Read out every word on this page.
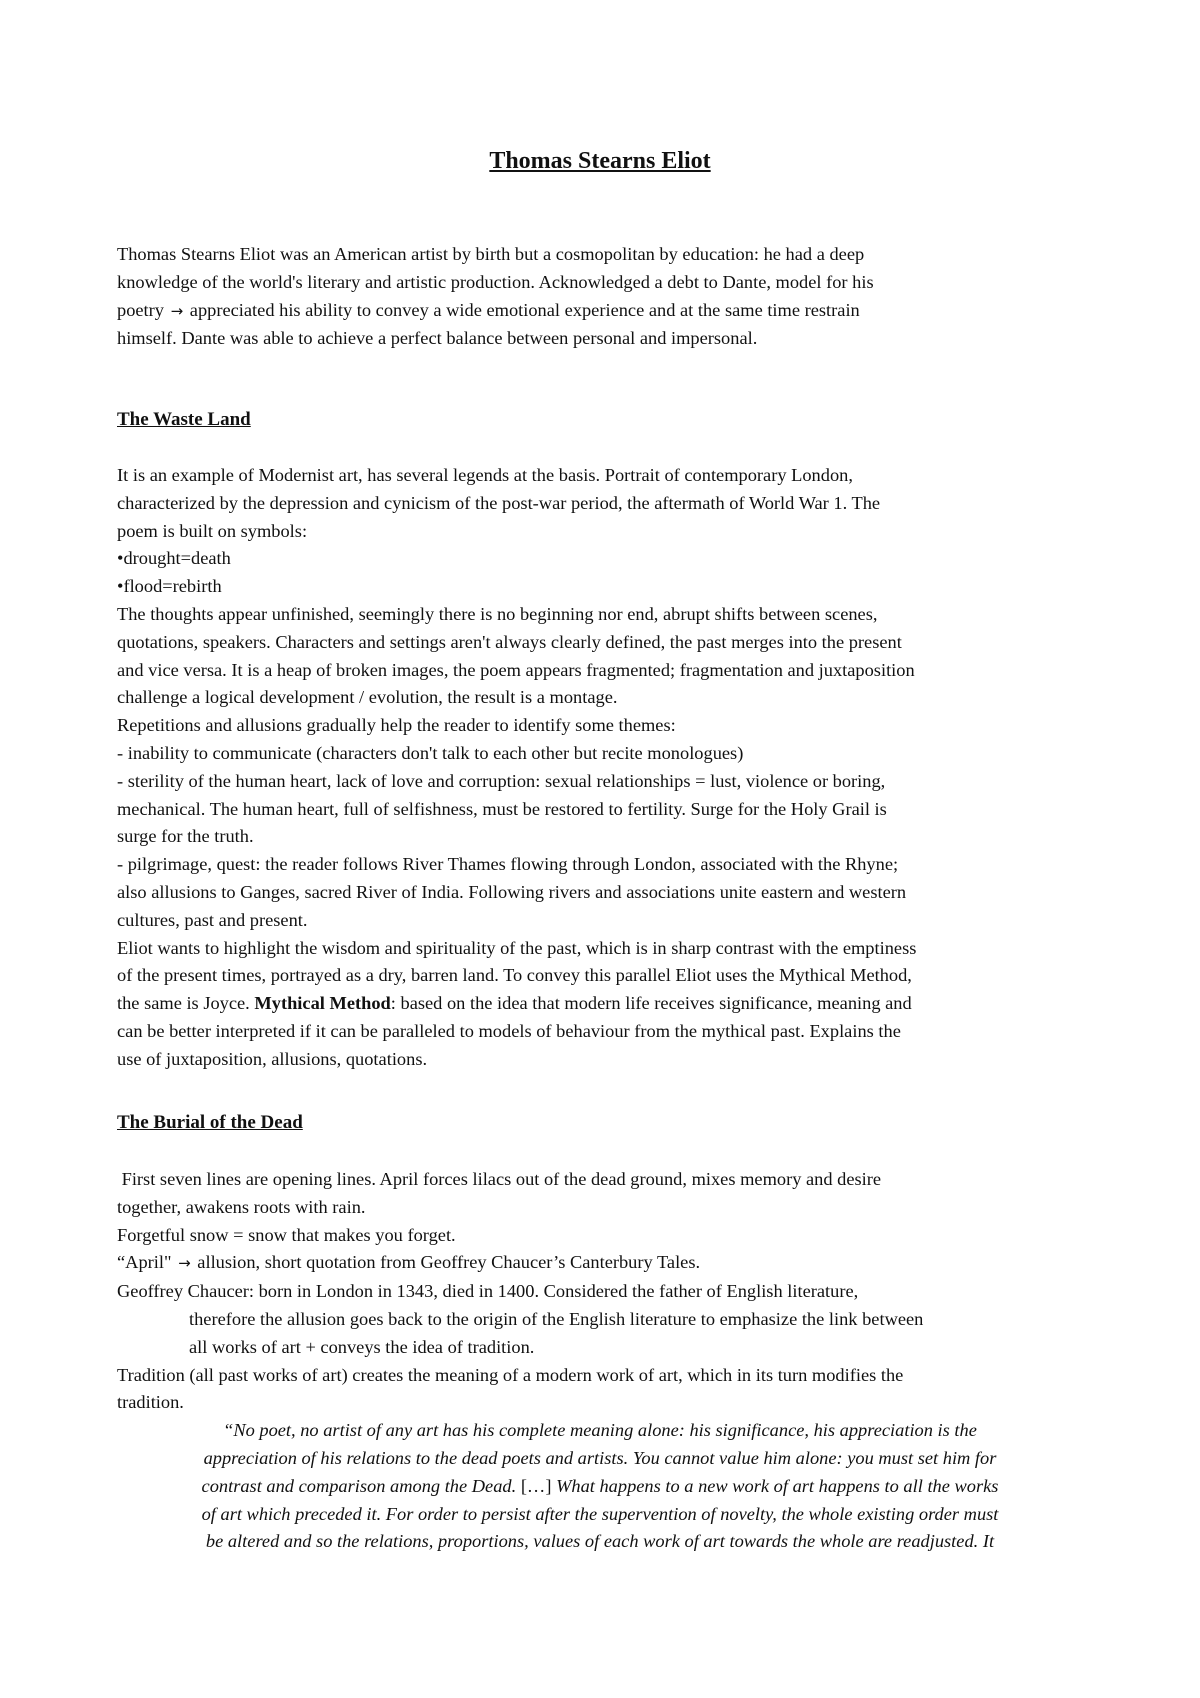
Thomas Stearns Eliot

Thomas Stearns Eliot was an American artist by birth but a cosmopolitan by education: he had a deep

knowledge of the world's literary and artistic production. Acknowledged a debt to Dante, model for his

poetry → appreciated his ability to convey a wide emotional experience and at the same time restrain

himself. Dante was able to achieve a perfect balance between personal and impersonal.

The Waste Land

It is an example of Modernist art, has several legends at the basis. Portrait of contemporary London,

characterized by the depression and cynicism of the post-war period, the aftermath of World War 1. The

poem is built on symbols:

•drought=death

•flood=rebirth

The thoughts appear unfinished, seemingly there is no beginning nor end, abrupt shifts between scenes,

quotations, speakers. Characters and settings aren't always clearly defined, the past merges into the present

and vice versa. It is a heap of broken images, the poem appears fragmented; fragmentation and juxtaposition

challenge a logical development / evolution, the result is a montage.

Repetitions and allusions gradually help the reader to identify some themes:

- inability to communicate (characters don't talk to each other but recite monologues)

- sterility of the human heart, lack of love and corruption: sexual relationships = lust, violence or boring,

mechanical. The human heart, full of selfishness, must be restored to fertility. Surge for the Holy Grail is

surge for the truth.

- pilgrimage, quest: the reader follows River Thames flowing through London, associated with the Rhyne;

also allusions to Ganges, sacred River of India. Following rivers and associations unite eastern and western

cultures, past and present.

Eliot wants to highlight the wisdom and spirituality of the past, which is in sharp contrast with the emptiness

of the present times, portrayed as a dry, barren land. To convey this parallel Eliot uses the Mythical Method,

the same is Joyce. Mythical Method: based on the idea that modern life receives significance, meaning and

can be better interpreted if it can be paralleled to models of behaviour from the mythical past. Explains the

use of juxtaposition, allusions, quotations.

The Burial of the Dead

First seven lines are opening lines. April forces lilacs out of the dead ground, mixes memory and desire

together, awakens roots with rain.

Forgetful snow = snow that makes you forget.

“April" → allusion, short quotation from Geoffrey Chaucer’s Canterbury Tales.

Geoffrey Chaucer: born in London in 1343, died in 1400. Considered the father of English literature,

therefore the allusion goes back to the origin of the English literature to emphasize the link between

all works of art + conveys the idea of tradition.

Tradition (all past works of art) creates the meaning of a modern work of art, which in its turn modifies the

tradition.

“No poet, no artist of any art has his complete meaning alone: his significance, his appreciation is the

appreciation of his relations to the dead poets and artists. You cannot value him alone: you must set him for

contrast and comparison among the Dead. […] What happens to a new work of art happens to all the works

of art which preceded it. For order to persist after the supervention of novelty, the whole existing order must

be altered and so the relations, proportions, values of each work of art towards the whole are readjusted. It
